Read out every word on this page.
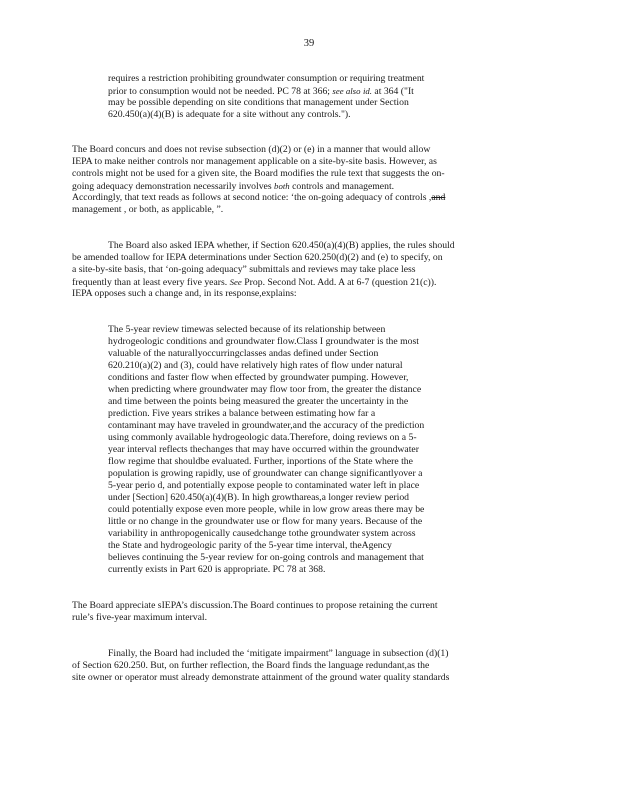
39
requires a restriction prohibiting groundwater consumption or requiring treatment
prior to consumption would not be needed. PC 78 at 366; see also id. at 364 ("It
may be possible depending on site conditions that management under Section
620.450(a)(4)(B) is adequate for a site without any controls.").
The Board concurs and does not revise subsection (d)(2) or (e) in a manner that would allow
IEPA to make neither controls nor management applicable on a site-by-site basis. However, as
controls might not be used for a given site, the Board modifies the rule text that suggests the on-
going adequacy demonstration necessarily involves both controls and management.
Accordingly, that text reads as follows at second notice: ‘the on-going adequacy of controls ,and
management , or both, as applicable, ”.
The Board also asked IEPA whether, if Section 620.450(a)(4)(B) applies, the rules should
be amended toallow for IEPA determinations under Section 620.250(d)(2) and (e) to specify, on
a site-by-site basis, that ‘on-going adequacy” submittals and reviews may take place less
frequently than at least every five years. See Prop. Second Not. Add. A at 6-7 (question 21(c)).
IEPA opposes such a change and, in its response,explains:
The 5-year review timewas selected because of its relationship between
hydrogeologic conditions and groundwater flow.Class I groundwater is the most
valuable of the naturallyoccurringclasses andas defined under Section
620.210(a)(2) and (3), could have relatively high rates of flow under natural
conditions and faster flow when effected by groundwater pumping. However,
when predicting where groundwater may flow toor from, the greater the distance
and time between the points being measured the greater the uncertainty in the
prediction. Five years strikes a balance between estimating how far a
contaminant may have traveled in groundwater,and the accuracy of the prediction
using commonly available hydrogeologic data.Therefore, doing reviews on a 5-
year interval reflects thechanges that may have occurred within the groundwater
flow regime that shouldbe evaluated. Further, inportions of the State where the
population is growing rapidly, use of groundwater can change significantlyover a
5-year perio d, and potentially expose people to contaminated water left in place
under [Section] 620.450(a)(4)(B). In high growthareas,a longer review period
could potentially expose even more people, while in low grow areas there may be
little or no change in the groundwater use or flow for many years. Because of the
variability in anthropogenically causedchange tothe groundwater system across
the State and hydrogeologic parity of the 5-year time interval, theAgency
believes continuing the 5-year review for on-going controls and management that
currently exists in Part 620 is appropriate. PC 78 at 368.
The Board appreciate sIEPA’s discussion.The Board continues to propose retaining the current
rule’s five-year maximum interval.
Finally, the Board had included the ‘mitigate impairment” language in subsection (d)(1)
of Section 620.250. But, on further reflection, the Board finds the language redundant,as the
site owner or operator must already demonstrate attainment of the ground water quality standards
